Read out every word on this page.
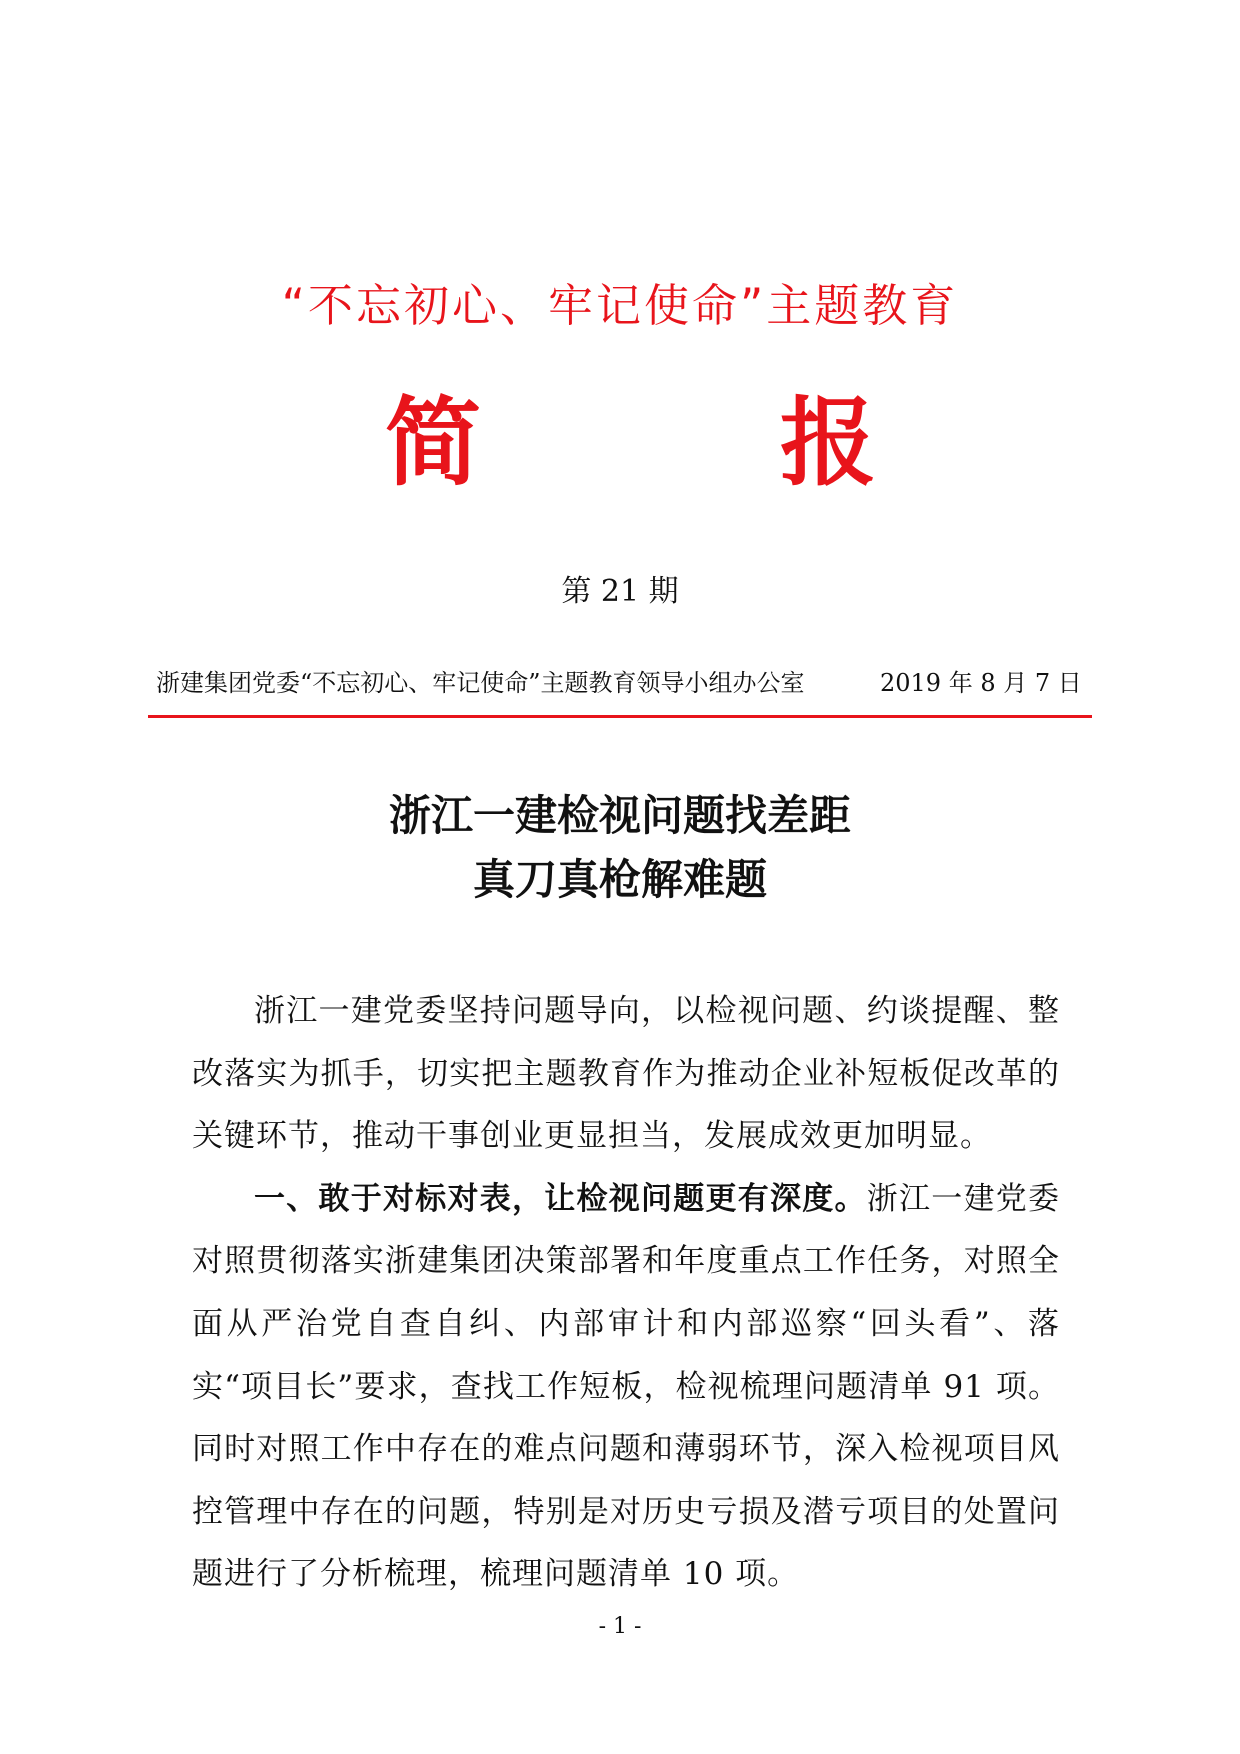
“不忘初心、牢记使命”主题教育
简	报
第 21 期
浙建集团党委“不忘初心、牢记使命”主题教育领导小组办公室	2019 年 8 月 7 日
浙江一建检视问题找差距
真刀真枪解难题

浙江一建党委坚持问题导向，以检视问题、约谈提醒、整改落实为抓手，切实把主题教育作为推动企业补短板促改革的关键环节，推动干事创业更显担当，发展成效更加明显。

一、敢于对标对表，让检视问题更有深度。浙江一建党委对照贯彻落实浙建集团决策部署和年度重点工作任务，对照全面从严治党自查自纠、内部审计和内部巡察“回头看”、落实“项目长”要求，查找工作短板，检视梳理问题清单 91 项。同时对照工作中存在的难点问题和薄弱环节，深入检视项目风控管理中存在的问题，特别是对历史亏损及潜亏项目的处置问题进行了分析梳理，梳理问题清单 10 项。

- 1 -
